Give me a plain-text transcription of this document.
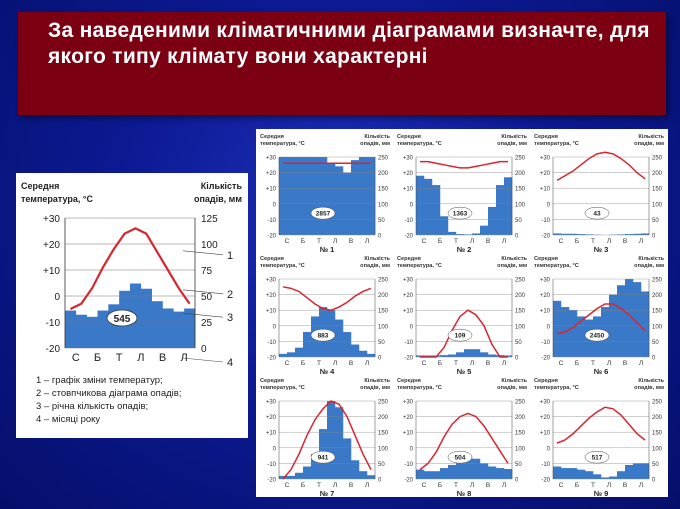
За наведеними кліматичними діаграмами визначте, для якого типу клімату вони характерні
Середня
температура, °С
Кількість
опадів, мм
+30	125
+20	100
+10	75
0	50
-10	25
-20	0
545
С Б Т Л В Л
1
2
3
4
1 – графік зміни температур;
2 – стовпчикова діаграма опадів;
3 – річна кількість опадів;
4 – місяці року
Середня
температура, °С
Кількість
опадів, мм
+30	250
+20	200
+10	150
0	100
-10	50
-20	0
2857
С Б Т Л В Л
№ 1
Середня
температура, °С
Кількість
опадів, мм
+30	250
+20	200
+10	150
0	100
-10	50
-20	0
1363
С Б Т Л В Л
№ 2
Середня
температура, °С
Кількість
опадів, мм
+30	250
+20	200
+10	150
0	100
-10	50
-20	0
43
С Б Т Л В Л
№ 3
Середня
температура, °С
Кількість
опадів, мм
+30	250
+20	200
+10	150
0	100
-10	50
-20	0
883
С Б Т Л В Л
№ 4
Середня
температура, °С
Кількість
опадів, мм
+30	250
+20	200
+10	150
0	100
-10	50
-20	0
109
С Б Т Л В Л
№ 5
Середня
температура, °С
Кількість
опадів, мм
+30	250
+20	200
+10	150
0	100
-10	50
-20	0
2450
С Б Т Л В Л
№ 6
Середня
температура, °С
Кількість
опадів, мм
+30	250
+20	200
+10	150
0	100
-10	50
-20	0
941
С Б Т Л В Л
№ 7
Середня
температура, °С
Кількість
опадів, мм
+30	250
+20	200
+10	150
0	100
-10	50
-20	0
504
С Б Т Л В Л
№ 8
Середня
температура, °С
Кількість
опадів, мм
+30	250
+20	200
+10	150
0	100
-10	50
-20	0
517
С Б Т Л В Л
№ 9
